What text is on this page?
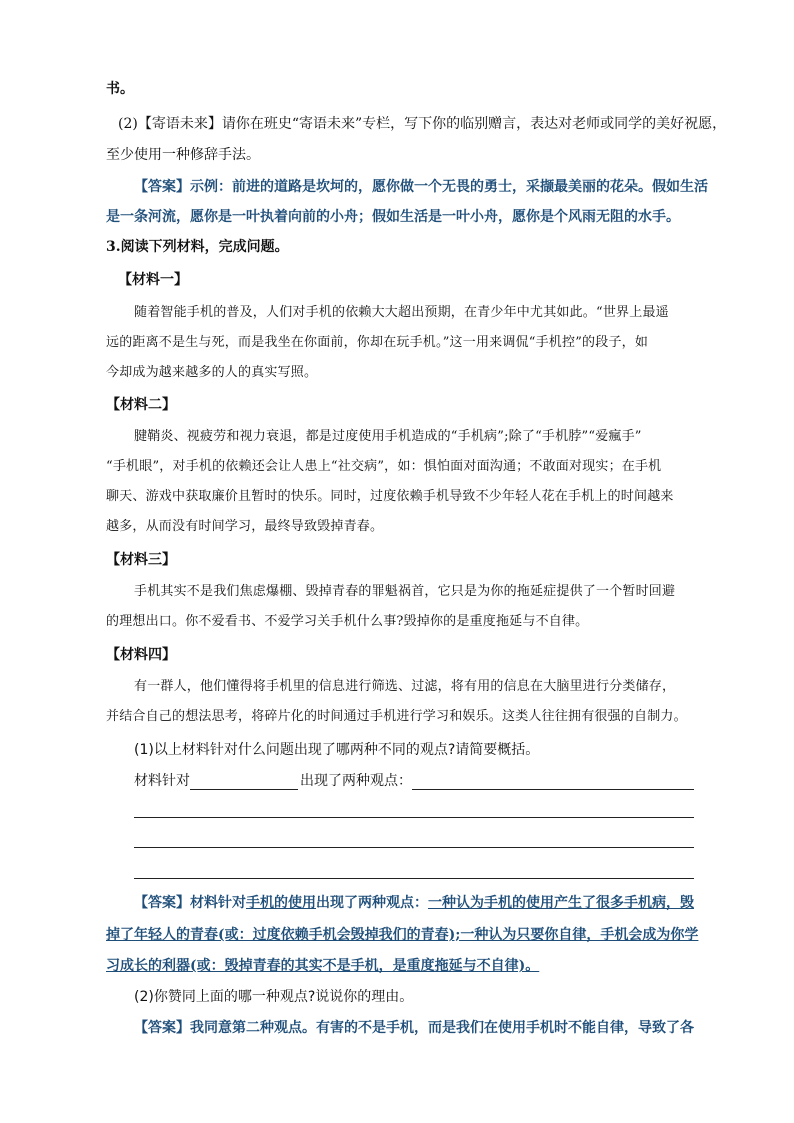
书。
(2)【寄语未来】请你在班史“寄语未来”专栏，写下你的临别赠言，表达对老师或同学的美好祝愿，
至少使用一种修辞手法。
【答案】示例：前进的道路是坎坷的，愿你做一个无畏的勇士，采撷最美丽的花朵。假如生活
是一条河流，愿你是一叶执着向前的小舟；假如生活是一叶小舟，愿你是个风雨无阻的水手。
3.阅读下列材料，完成问题。
【材料一】
随着智能手机的普及，人们对手机的依赖大大超出预期，在青少年中尤其如此。“世界上最遥
远的距离不是生与死，而是我坐在你面前，你却在玩手机。”这一用来调侃“手机控”的段子，如
今却成为越来越多的人的真实写照。
【材料二】
腱鞘炎、视疲劳和视力衰退，都是过度使用手机造成的“手机病”;除了“手机脖”“爱瘋手”
“手机眼”，对手机的依赖还会让人患上“社交病”，如：惧怕面对面沟通；不敢面对现实；在手机
聊天、游戏中获取廉价且暂时的快乐。同时，过度依赖手机导致不少年轻人花在手机上的时间越来
越多，从而没有时间学习，最终导致毁掉青春。
【材料三】
手机其实不是我们焦虑爆棚、毁掉青春的罪魁祸首，它只是为你的拖延症提供了一个暂时回避
的理想出口。你不爱看书、不爱学习关手机什么事?毁掉你的是重度拖延与不自律。
【材料四】
有一群人，他们懂得将手机里的信息进行筛选、过滤，将有用的信息在大脑里进行分类储存，
并结合自己的想法思考，将碎片化的时间通过手机进行学习和娱乐。这类人往往拥有很强的自制力。
(1)以上材料针对什么问题出现了哪两种不同的观点?请简要概括。
材料针对	出现了两种观点：
【答案】材料针对手机的使用出现了两种观点：一种认为手机的使用产生了很多手机病，毁
掉了年轻人的青春(或：过度依赖手机会毁掉我们的青春);一种认为只要你自律，手机会成为你学
习成长的利器(或：毁掉青春的其实不是手机，是重度拖延与不自律)。
(2)你赞同上面的哪一种观点?说说你的理由。
【答案】我同意第二种观点。有害的不是手机，而是我们在使用手机时不能自律，导致了各
